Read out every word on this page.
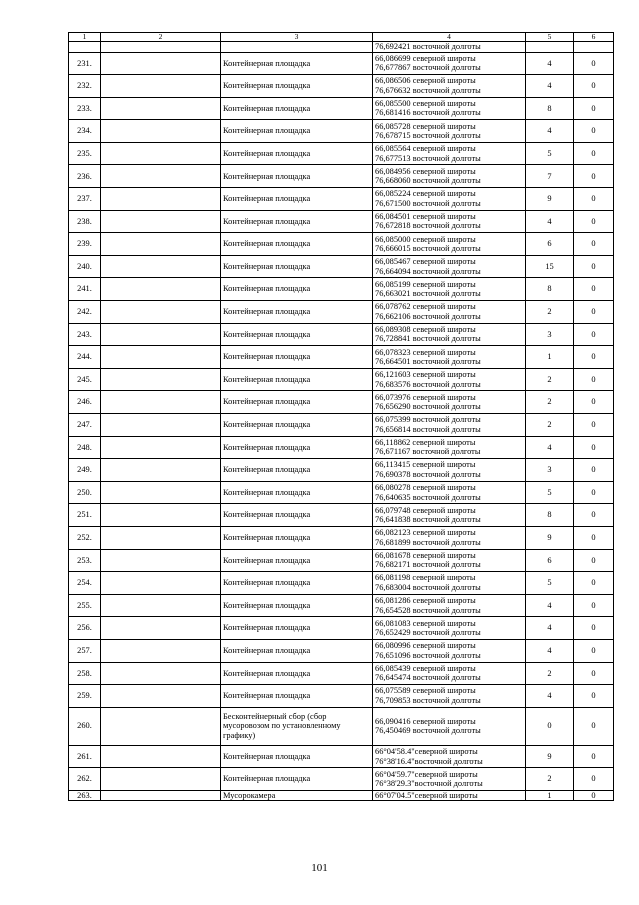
1	2	3	4	5	6
			76,692421 восточной долготы		
231.		Контейнерная площадка	66,086699 северной широты
76,677867 восточной долготы	4	0
232.		Контейнерная площадка	66,086506 северной широты
76,676632 восточной долготы	4	0
233.		Контейнерная площадка	66,085500 северной широты
76,681416 восточной долготы	8	0
234.		Контейнерная площадка	66,085728 северной широты
76,678715 восточной долготы	4	0
235.		Контейнерная площадка	66,085564 северной широты
76,677513 восточной долготы	5	0
236.		Контейнерная площадка	66,084956 северной широты
76,668060 восточной долготы	7	0
237.		Контейнерная площадка	66,085224 северной широты
76,671500 восточной долготы	9	0
238.		Контейнерная площадка	66,084501 северной широты
76,672818 восточной долготы	4	0
239.		Контейнерная площадка	66,085000 северной широты
76,666015 восточной долготы	6	0
240.		Контейнерная площадка	66,085467 северной широты
76,664094 восточной долготы	15	0
241.		Контейнерная площадка	66,085199 северной широты
76,663021 восточной долготы	8	0
242.		Контейнерная площадка	66,078762 северной широты
76,662106 восточной долготы	2	0
243.		Контейнерная площадка	66,089308 северной широты
76,728841 восточной долготы	3	0
244.		Контейнерная площадка	66,078323 северной широты
76,664501 восточной долготы	1	0
245.		Контейнерная площадка	66,121603 северной широты
76,683576 восточной долготы	2	0
246.		Контейнерная площадка	66,073976 северной широты
76,656290 восточной долготы	2	0
247.		Контейнерная площадка	66,075399 восточной долготы
76,656814 восточной долготы	2	0
248.		Контейнерная площадка	66,118862 северной широты
76,671167 восточной долготы	4	0
249.		Контейнерная площадка	66,113415 северной широты
76,690378 восточной долготы	3	0
250.		Контейнерная площадка	66,080278 северной широты
76,640635 восточной долготы	5	0
251.		Контейнерная площадка	66,079748 северной широты
76,641838 восточной долготы	8	0
252.		Контейнерная площадка	66,082123 северной широты
76,681899 восточной долготы	9	0
253.		Контейнерная площадка	66,081678 северной широты
76,682171 восточной долготы	6	0
254.		Контейнерная площадка	66,081198 северной широты
76,683004 восточной долготы	5	0
255.		Контейнерная площадка	66,081286 северной широты
76,654528 восточной долготы	4	0
256.		Контейнерная площадка	66,081083 северной широты
76,652429 восточной долготы	4	0
257.		Контейнерная площадка	66,080996 северной широты
76,651096 восточной долготы	4	0
258.		Контейнерная площадка	66,085439 северной широты
76,645474 восточной долготы	2	0
259.		Контейнерная площадка	66,075589 северной широты
76,709853 восточной долготы	4	0
260.		Бесконтейнерный сбор (сбор мусоровозом по установленному графику)	66,090416 северной широты
76,450469 восточной долготы	0	0
261.		Контейнерная площадка	66°04'58.4"северной широты
76°38'16.4"восточной долготы	9	0
262.		Контейнерная площадка	66°04'59.7"северной широты
76°38'29.3"восточной долготы	2	0
263.		Мусорокамера	66°07'04.5"северной широты	1	0
101
